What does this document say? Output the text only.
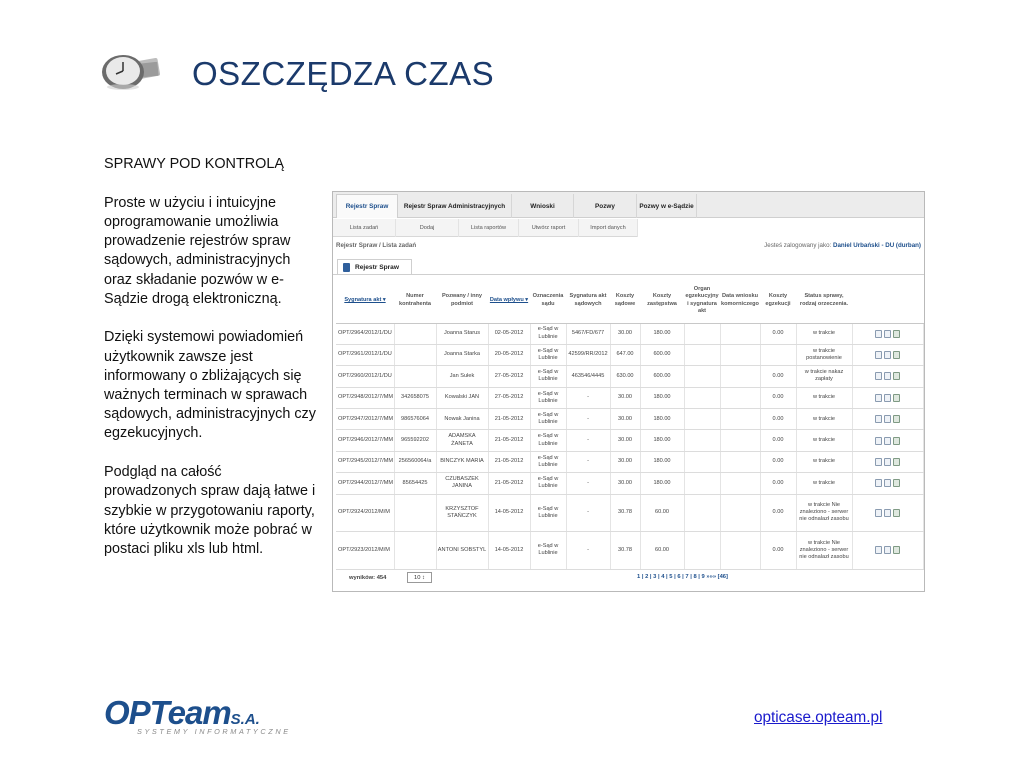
OSZCZĘDZA CZAS

SPRAWY POD KONTROLĄ

Proste w użyciu i intuicyjne oprogramowanie umożliwia prowadzenie rejestrów spraw sądowych, administracyjnych oraz składanie pozwów w e-Sądzie drogą elektroniczną.

Dzięki systemowi powiadomień użytkownik zawsze jest informowany o zbliżających się ważnych terminach w sprawach sądowych, administracyjnych czy egzekucyjnych.

Podgląd na całość prowadzonych spraw dają łatwe i szybkie w przygotowaniu raporty, które użytkownik może pobrać w postaci pliku xls lub html.

Rejestr Spraw	Rejestr Spraw Administracyjnych	Wnioski	Pozwy	Pozwy w e-Sądzie
Lista zadań	Dodaj	Lista raportów	Utwórz raport	Import danych
Rejestr Spraw / Lista zadań	Jesteś zalogowany jako: Daniel Urbański - DU (durban)
Rejestr Spraw
Sygnatura akt ▾	Numer kontrahenta	Pozwany / inny podmiot	Data wpływu ▾	Oznaczenia sądu	Sygnatura akt sądowych	Koszty sądowe	Koszty zastępstwa	Organ egzekucyjny i sygnatura akt	Data wniosku komorniczego	Koszty egzekucji	Status sprawy, rodzaj orzeczenia.	
OPT/2964/2012/1/DU		Joanna Starus	02-05-2012	e-Sąd w Lublinie	5467/FD/677	30.00	180.00			0.00	w trakcie	

OPT/2961/2012/1/DU		Joanna Starka	20-05-2012	e-Sąd w Lublinie	42599/RR/2012	647.00	600.00				w trakcie postanowienie	

OPT/2960/2012/1/DU		Jan Sułek	27-05-2012	e-Sąd w Lublinie	463546/4445	630.00	600.00			0.00	w trakcie nakaz zapłaty	

OPT/2948/2012/7/MM	342658075	Kowalski JAN	27-05-2012	e-Sąd w Lublinie	-	30.00	180.00			0.00	w trakcie	

OPT/2947/2012/7/MM	986576064	Nowak Janina	21-05-2012	e-Sąd w Lublinie	-	30.00	180.00			0.00	w trakcie	

OPT/2946/2012/7/MM	965592202	ADAMSKA ŻANETA	21-05-2012	e-Sąd w Lublinie	-	30.00	180.00			0.00	w trakcie	

OPT/2945/2012/7/MM	256560064/a	BINCZYK MARIA	21-05-2012	e-Sąd w Lublinie	-	30.00	180.00			0.00	w trakcie	

OPT/2944/2012/7/MM	85654425	CZUBASZEK JANINA	21-05-2012	e-Sąd w Lublinie	-	30.00	180.00			0.00	w trakcie	

OPT/2924/2012/M/M		KRZYSZTOF STAŃCZYK	14-05-2012	e-Sąd w Lublinie	-	30.78	60.00			0.00	w trakcie Nie znaleziono - serwer nie odnalazł zasobu	

OPT/2923/2012/M/M		ANTONI SOBSTYL	14-05-2012	e-Sąd w Lublinie	-	30.78	60.00			0.00	w trakcie Nie znaleziono - serwer nie odnalazł zasobu	
wyników: 454	10 ↕	1 | 2 | 3 | 4 | 5 | 6 | 7 | 8 | 9 »»» [46]
OPTeamS.A.
SYSTEMY INFORMATYCZNE
opticase.opteam.pl
